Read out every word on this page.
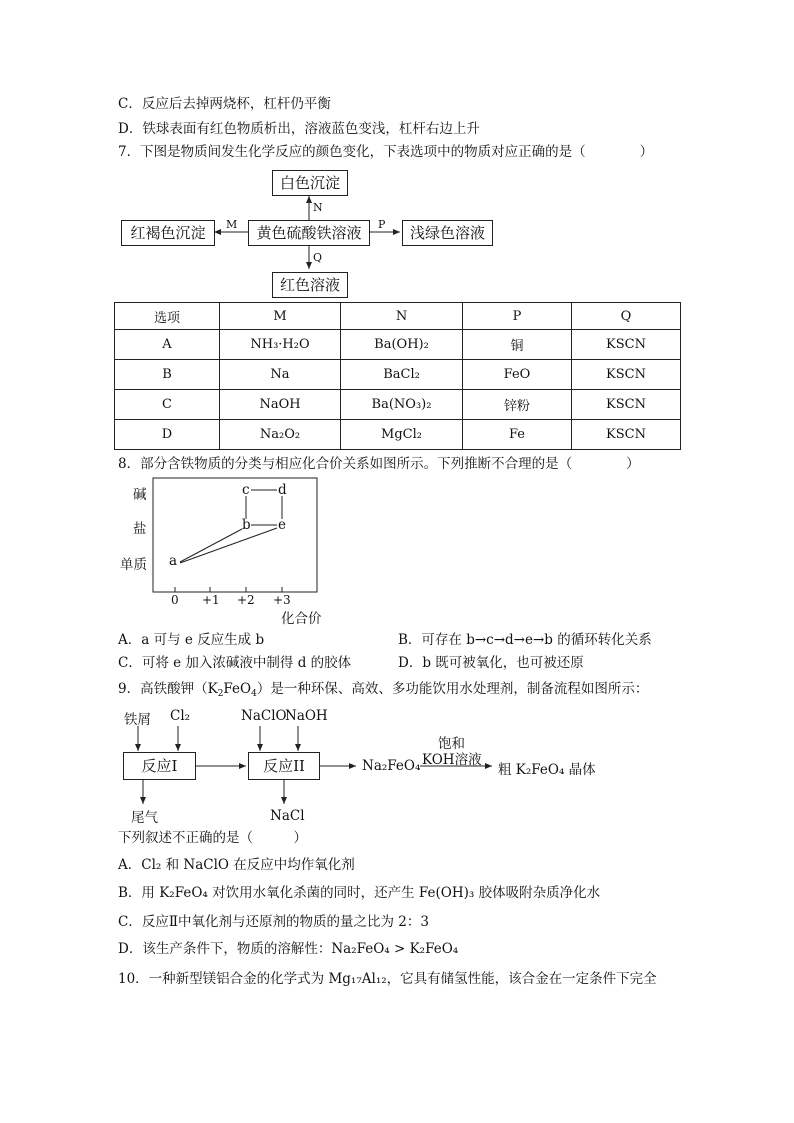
C．反应后去掉两烧杯，杠杆仍平衡
D．铁球表面有红色物质析出，溶液蓝色变浅，杠杆右边上升
7．下图是物质间发生化学反应的颜色变化，下表选项中的物质对应正确的是（　　　　）
白色沉淀
红褐色沉淀	黄色硫酸铁溶液	浅绿色溶液
红色溶液
N
M	P
Q
选项	M	N	P	Q
A	NH₃·H₂O	Ba(OH)₂	铜	KSCN
B	Na	BaCl₂	FeO	KSCN
C	NaOH	Ba(NO₃)₂	锌粉	KSCN
D	Na₂O₂	MgCl₂	Fe	KSCN
8．部分含铁物质的分类与相应化合价关系如图所示。下列推断不合理的是（　　　　）
碱
盐
单质
c d
b e
a
0 +1 +2 +3
化合价
A．a 可与 e 反应生成 b	B．可存在 b→c→d→e→b 的循环转化关系
C．可将 e 加入浓碱液中制得 d 的胶体	D．b 既可被氧化，也可被还原
9．高铁酸钾$(K_2FeO_4)$是一种环保、高效、多功能饮用水处理剂，制备流程如图所示：
铁屑 Cl₂
反应I
尾气
NaClO
NaOH
反应II
NaCl
Na₂FeO₄
饱和
KOH溶液
粗 K₂FeO₄ 晶体
下列叙述不正确的是（　　　）
A．Cl₂ 和 NaClO 在反应中均作氧化剂
B．用 K₂FeO₄ 对饮用水氧化杀菌的同时，还产生 Fe(OH)₃ 胶体吸附杂质净化水
C．反应Ⅱ中氧化剂与还原剂的物质的量之比为 2：3
D．该生产条件下，物质的溶解性：Na₂FeO₄ > K₂FeO₄
10．一种新型镁铝合金的化学式为 Mg₁₇Al₁₂，它具有储氢性能，该合金在一定条件下完全
